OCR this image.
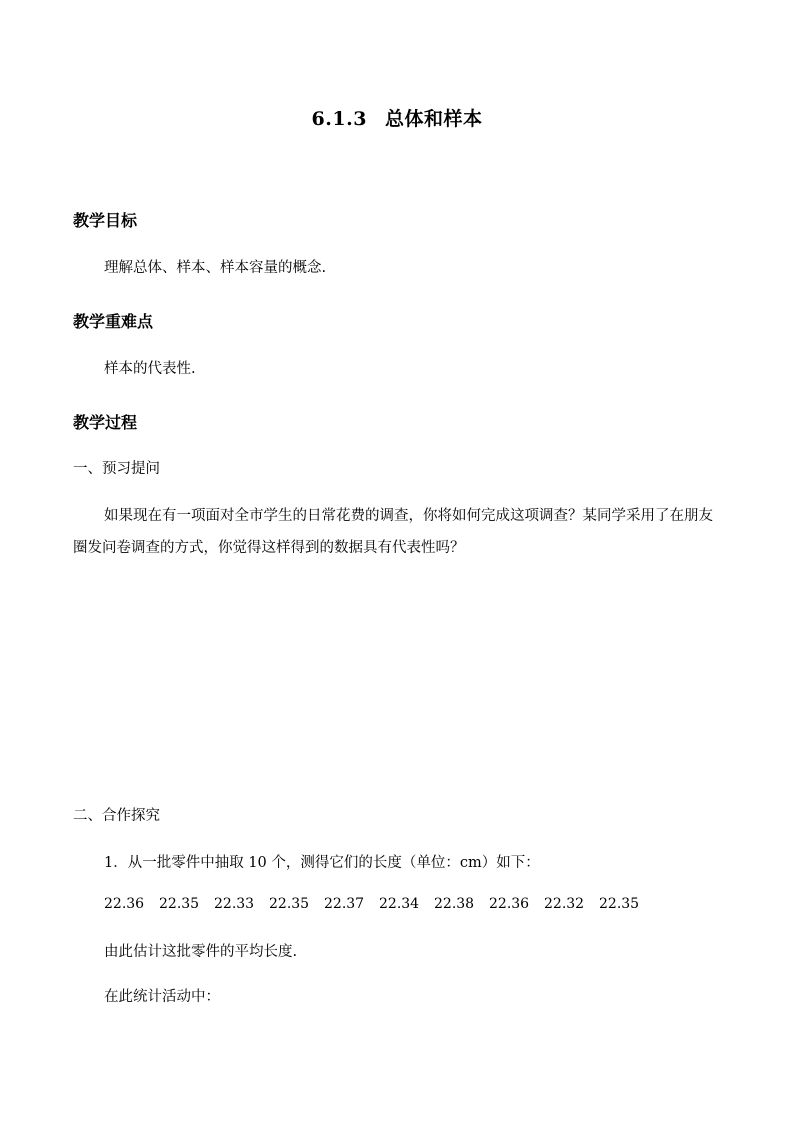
6.1.3 总体和样本
教学目标
理解总体、样本、样本容量的概念.
教学重难点
样本的代表性.
教学过程
一、预习提问
如果现在有一项面对全市学生的日常花费的调查，你将如何完成这项调查？某同学采用了在朋友圈发问卷调查的方式，你觉得这样得到的数据具有代表性吗？
二、合作探究
1．从一批零件中抽取 10 个，测得它们的长度（单位：cm）如下：
22.36	22.35	22.33	22.35	22.37	22.34	22.38	22.36	22.32	22.35
由此估计这批零件的平均长度.
在此统计活动中：
